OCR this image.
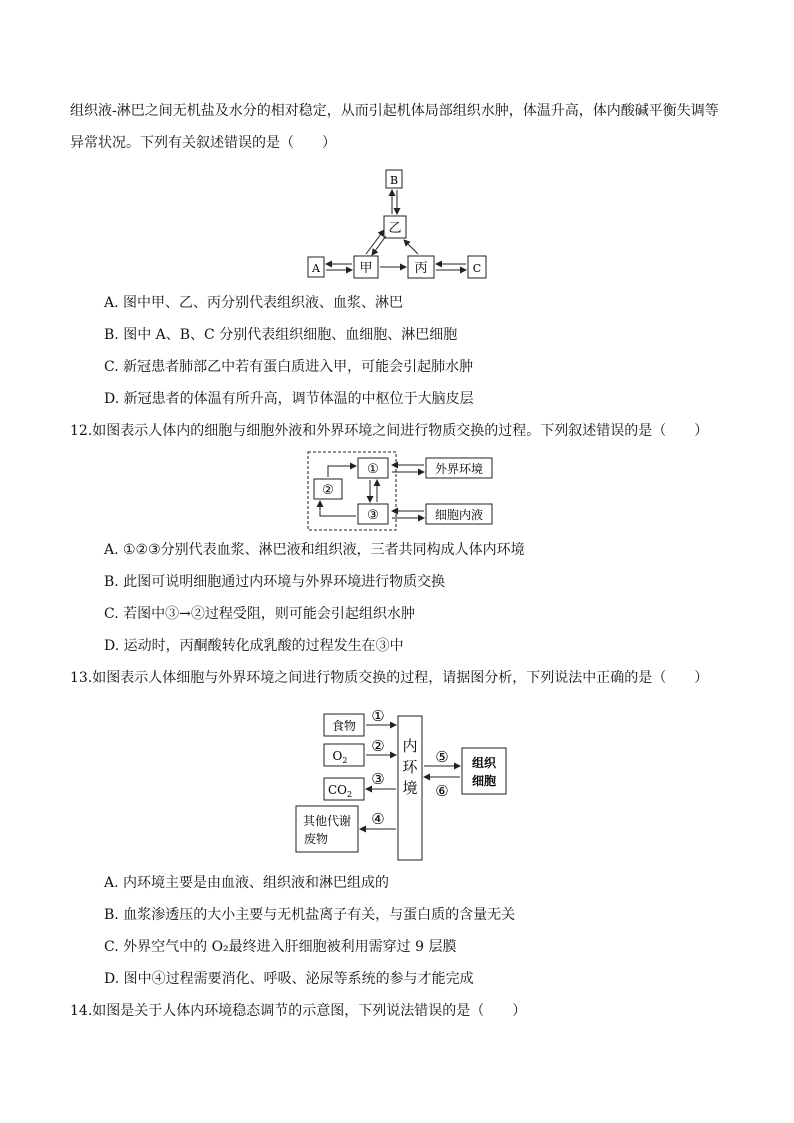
组织液-淋巴之间无机盐及水分的相对稳定，从而引起机体局部组织水肿，体温升高，体内酸碱平衡失调等
异常状况。下列有关叙述错误的是（　　）
B
乙
A	甲	丙	C
A. 图中甲、乙、丙分别代表组织液、血浆、淋巴
B. 图中 A、B、C 分别代表组织细胞、血细胞、淋巴细胞
C. 新冠患者肺部乙中若有蛋白质进入甲，可能会引起肺水肿
D. 新冠患者的体温有所升高，调节体温的中枢位于大脑皮层
12.如图表示人体内的细胞与细胞外液和外界环境之间进行物质交换的过程。下列叙述错误的是（　　）
①
②
③
外界环境
细胞内液
A. ①②③分别代表血浆、淋巴液和组织液，三者共同构成人体内环境
B. 此图可说明细胞通过内环境与外界环境进行物质交换
C. 若图中③→②过程受阻，则可能会引起组织水肿
D. 运动时，丙酮酸转化成乳酸的过程发生在③中
13.如图表示人体细胞与外界环境之间进行物质交换的过程，请据图分析，下列说法中正确的是（　　）
食物
$O_2$
$CO_2$
其他代谢
废物
内
环
境
组织
细胞
①
②
③
④
⑤
⑥
A. 内环境主要是由血液、组织液和淋巴组成的
B. 血浆渗透压的大小主要与无机盐离子有关，与蛋白质的含量无关
C. 外界空气中的 O₂最终进入肝细胞被利用需穿过 9 层膜
D. 图中④过程需要消化、呼吸、泌尿等系统的参与才能完成
14.如图是关于人体内环境稳态调节的示意图，下列说法错误的是（　　）
